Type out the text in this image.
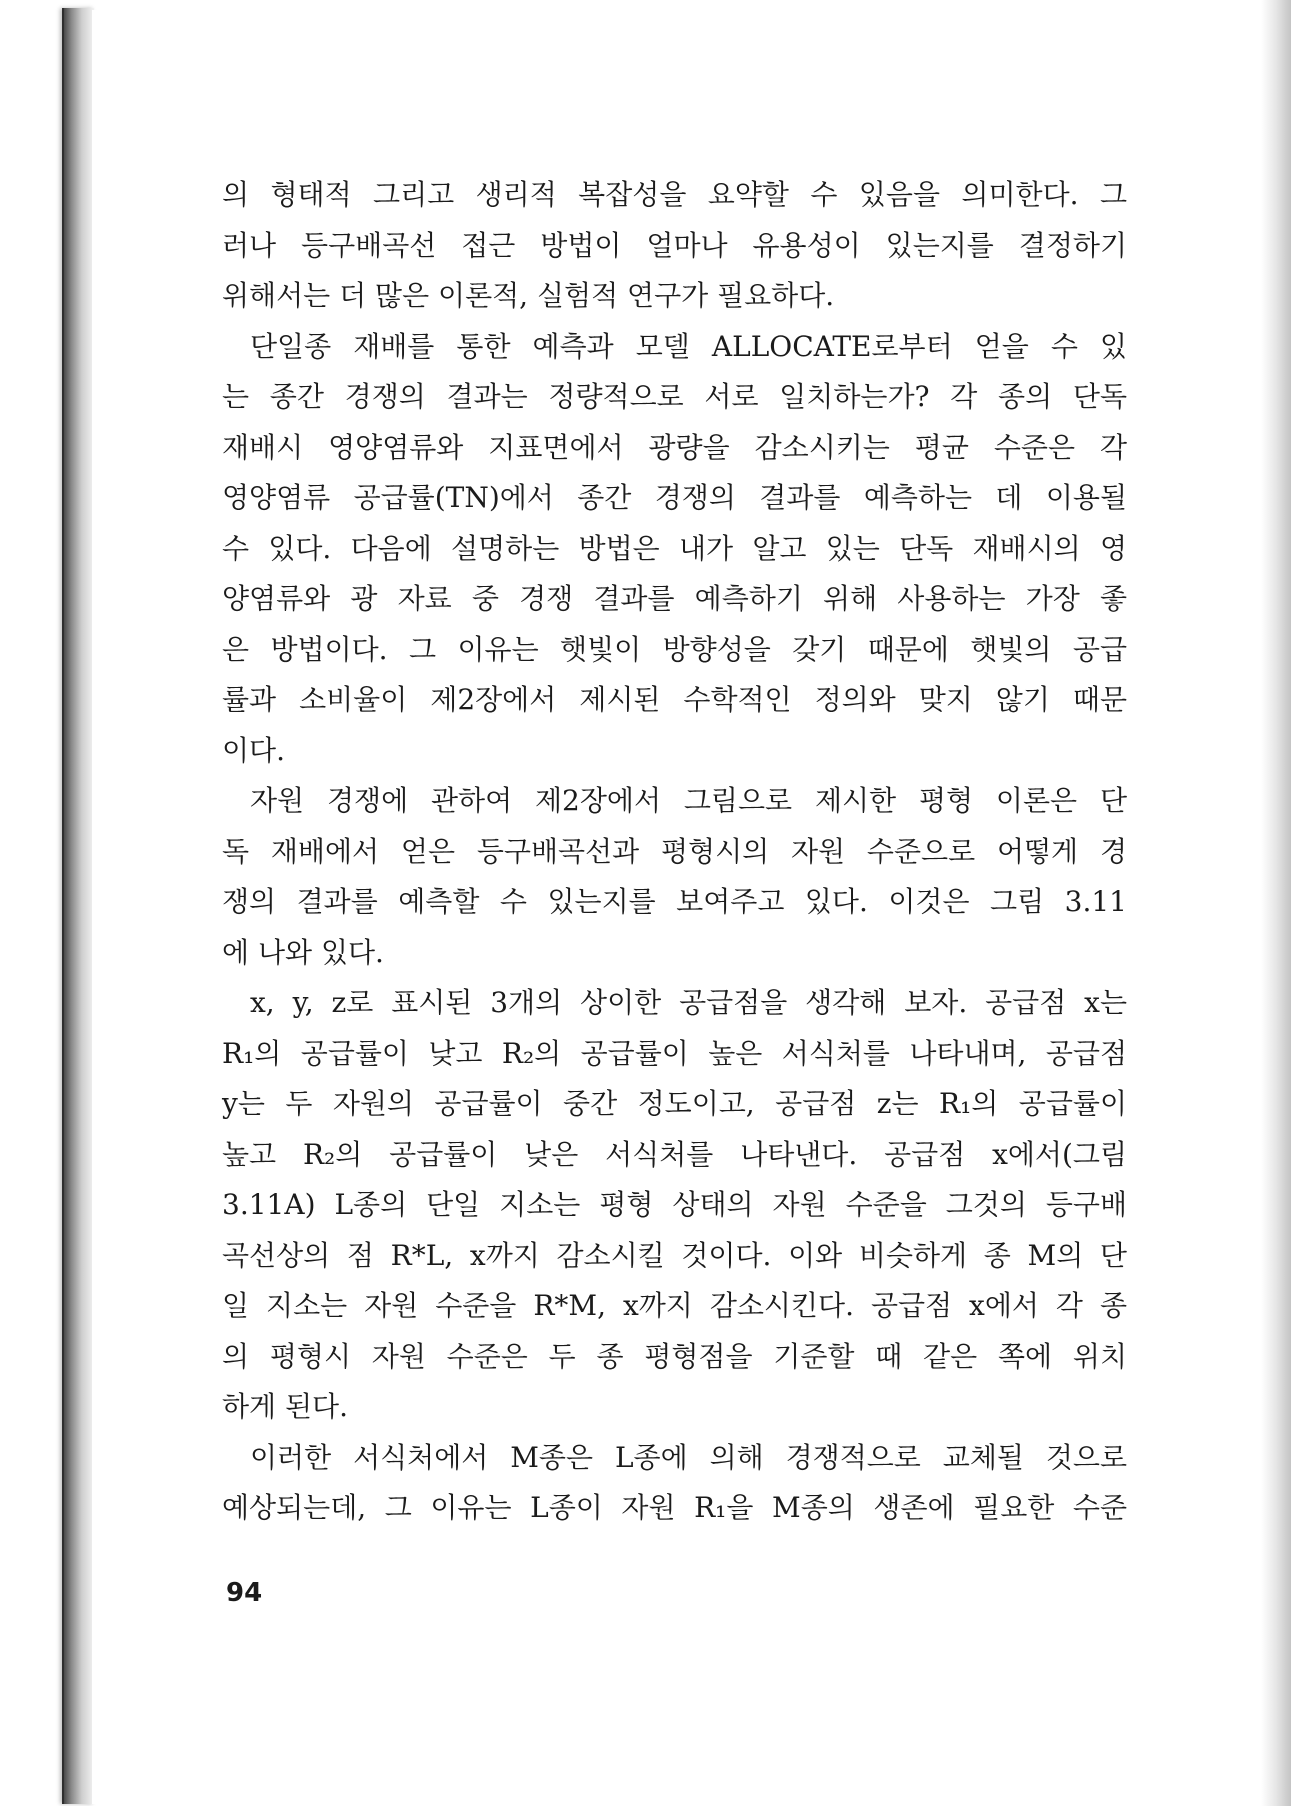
의 형태적 그리고 생리적 복잡성을 요약할 수 있음을 의미한다. 그
러나 등구배곡선 접근 방법이 얼마나 유용성이 있는지를 결정하기
위해서는 더 많은 이론적, 실험적 연구가 필요하다.
단일종 재배를 통한 예측과 모델 ALLOCATE로부터 얻을 수 있
는 종간 경쟁의 결과는 정량적으로 서로 일치하는가? 각 종의 단독
재배시 영양염류와 지표면에서 광량을 감소시키는 평균 수준은 각
영양염류 공급률(TN)에서 종간 경쟁의 결과를 예측하는 데 이용될
수 있다. 다음에 설명하는 방법은 내가 알고 있는 단독 재배시의 영
양염류와 광 자료 중 경쟁 결과를 예측하기 위해 사용하는 가장 좋
은 방법이다. 그 이유는 햇빛이 방향성을 갖기 때문에 햇빛의 공급
률과 소비율이 제2장에서 제시된 수학적인 정의와 맞지 않기 때문
이다.
자원 경쟁에 관하여 제2장에서 그림으로 제시한 평형 이론은 단
독 재배에서 얻은 등구배곡선과 평형시의 자원 수준으로 어떻게 경
쟁의 결과를 예측할 수 있는지를 보여주고 있다. 이것은 그림 3.11
에 나와 있다.
x, y, z로 표시된 3개의 상이한 공급점을 생각해 보자. 공급점 x는
R₁의 공급률이 낮고 R₂의 공급률이 높은 서식처를 나타내며, 공급점
y는 두 자원의 공급률이 중간 정도이고, 공급점 z는 R₁의 공급률이
높고 R₂의 공급률이 낮은 서식처를 나타낸다. 공급점 x에서(그림
3.11A) L종의 단일 지소는 평형 상태의 자원 수준을 그것의 등구배
곡선상의 점 R*L, x까지 감소시킬 것이다. 이와 비슷하게 종 M의 단
일 지소는 자원 수준을 R*M, x까지 감소시킨다. 공급점 x에서 각 종
의 평형시 자원 수준은 두 종 평형점을 기준할 때 같은 쪽에 위치
하게 된다.
이러한 서식처에서 M종은 L종에 의해 경쟁적으로 교체될 것으로
예상되는데, 그 이유는 L종이 자원 R₁을 M종의 생존에 필요한 수준
94
